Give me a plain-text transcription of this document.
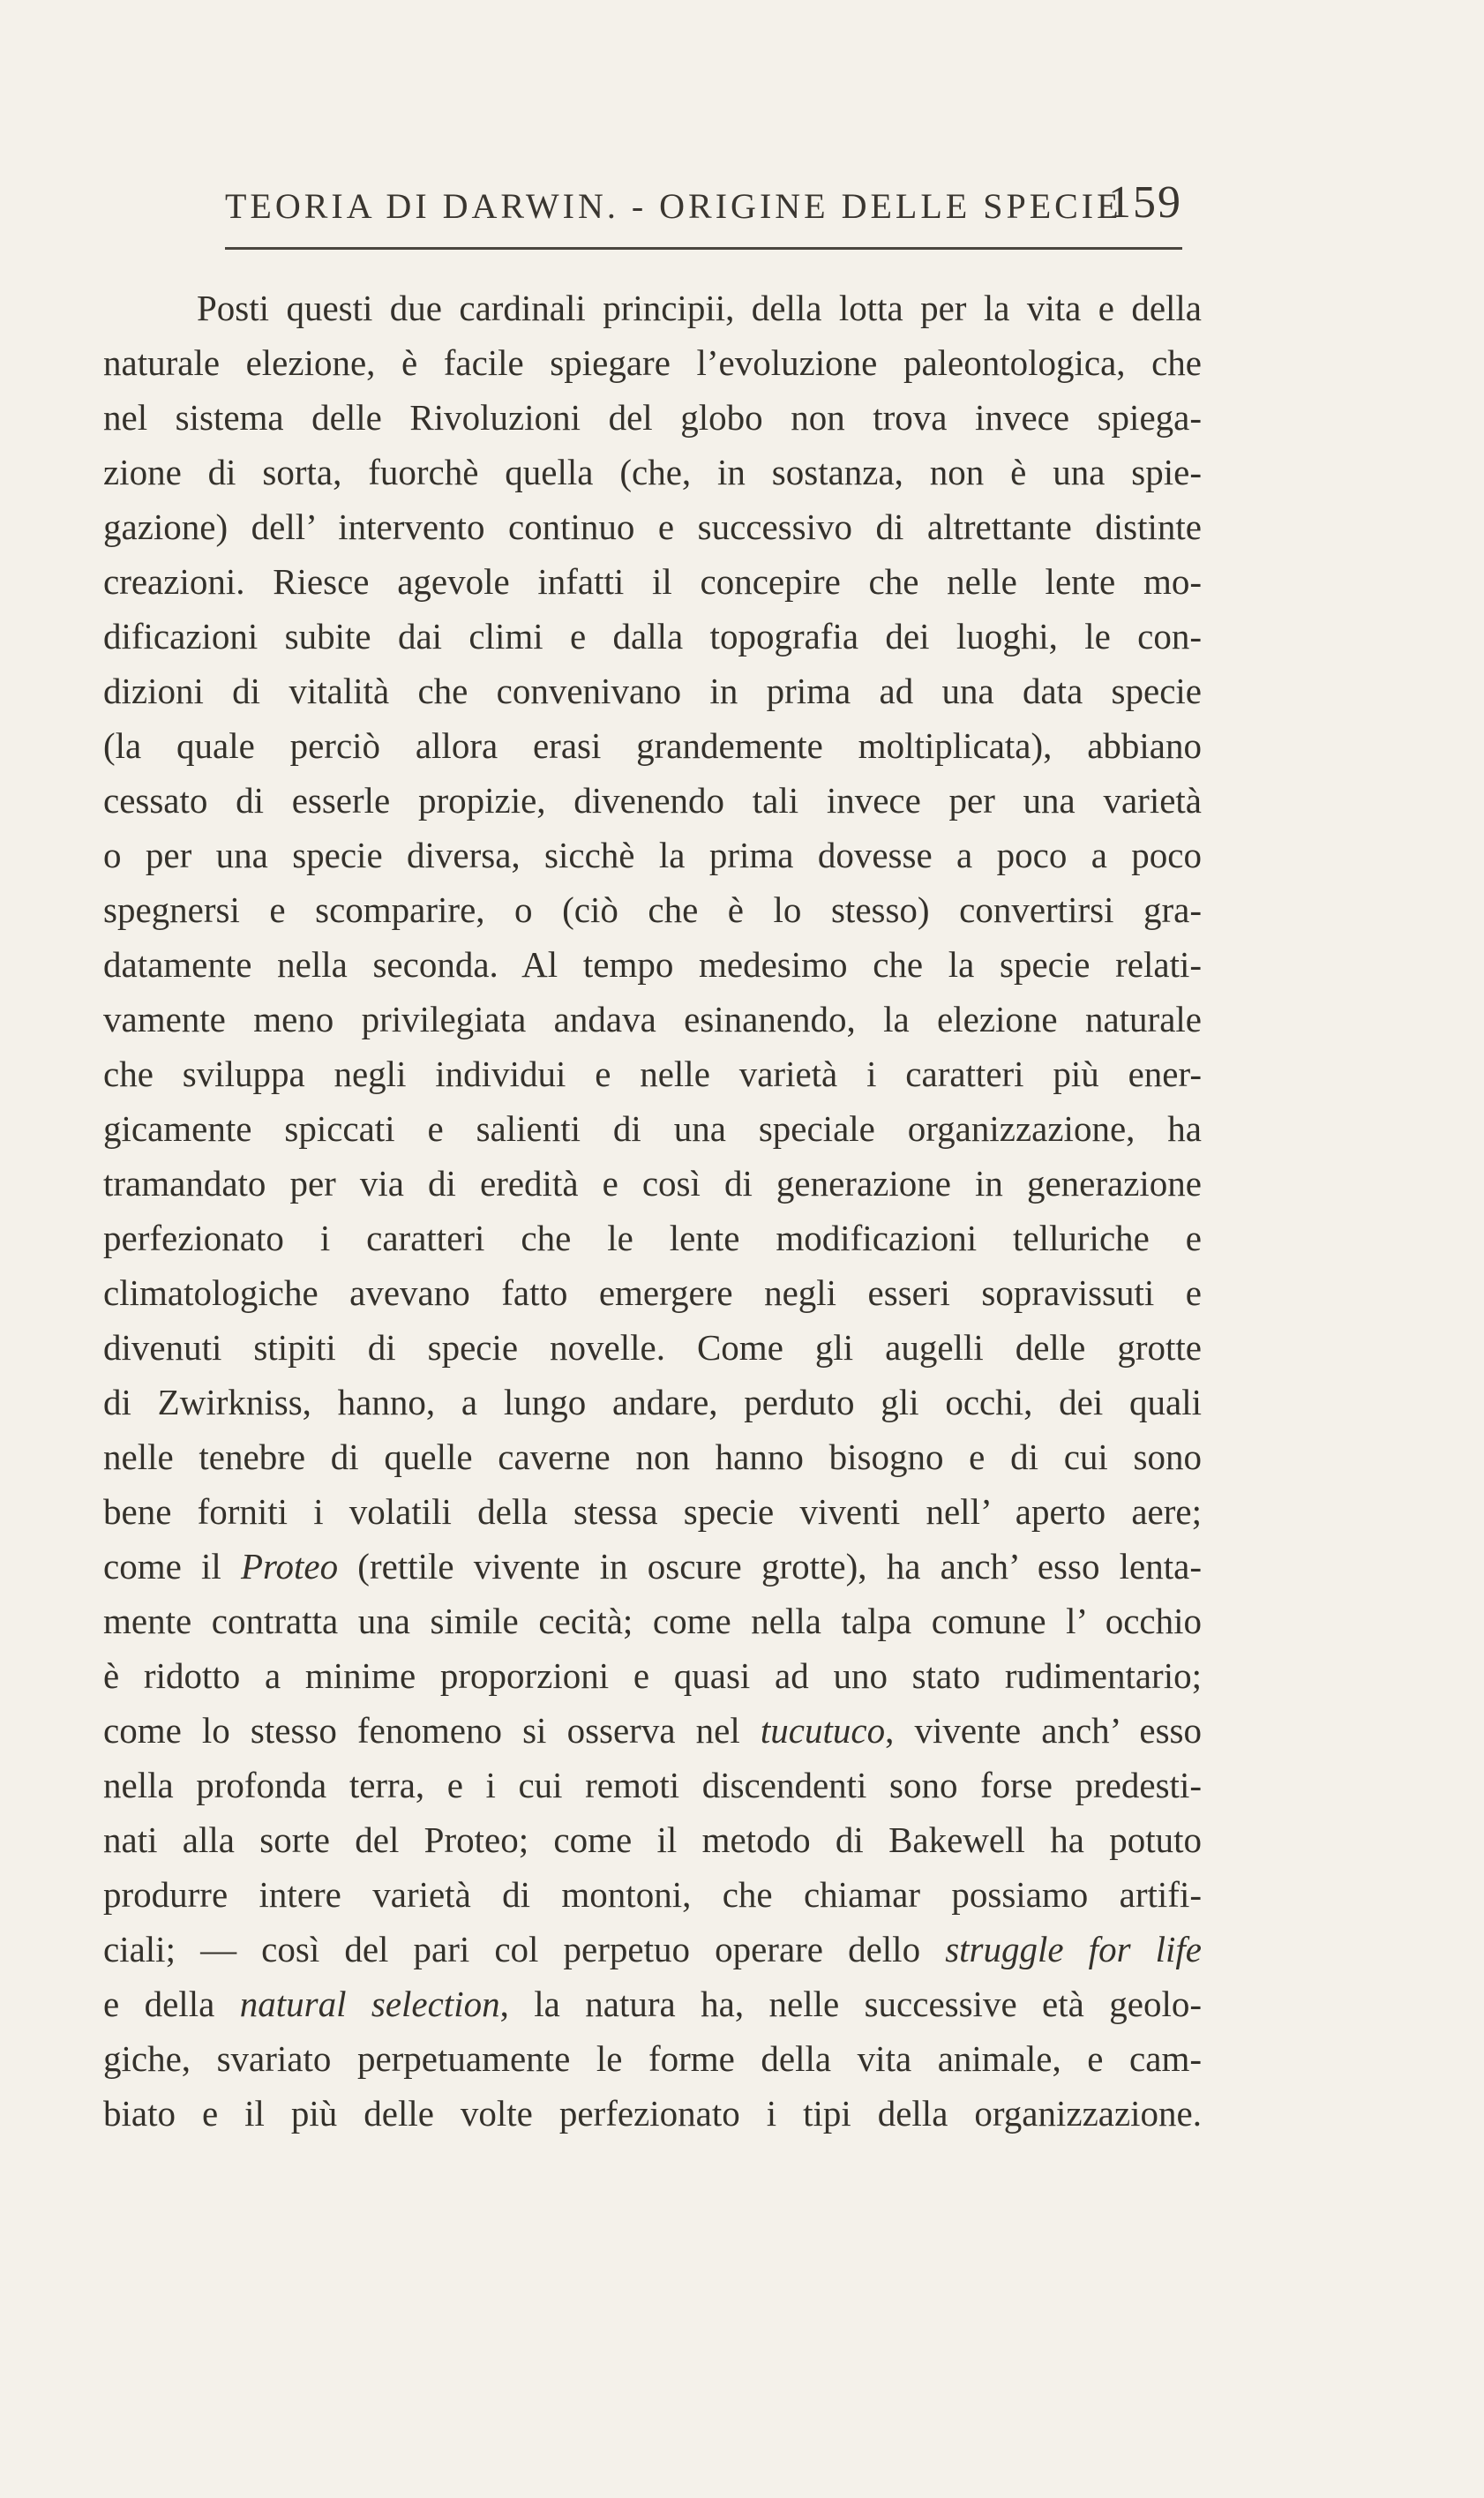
TEORIA DI DARWIN. - ORIGINE DELLE SPECIE
159
Posti questi due cardinali principii, della lotta per la vita e della
naturale elezione, è facile spiegare l’evoluzione paleontologica, che
nel sistema delle Rivoluzioni del globo non trova invece spiega-
zione di sorta, fuorchè quella (che, in sostanza, non è una spie-
gazione) dell’ intervento continuo e successivo di altrettante distinte
creazioni. Riesce agevole infatti il concepire che nelle lente mo-
dificazioni subite dai climi e dalla topografia dei luoghi, le con-
dizioni di vitalità che convenivano in prima ad una data specie
(la quale perciò allora erasi grandemente moltiplicata), abbiano
cessato di esserle propizie, divenendo tali invece per una varietà
o per una specie diversa, sicchè la prima dovesse a poco a poco
spegnersi e scomparire, o (ciò che è lo stesso) convertirsi gra-
datamente nella seconda. Al tempo medesimo che la specie relati-
vamente meno privilegiata andava esinanendo, la elezione naturale
che sviluppa negli individui e nelle varietà i caratteri più ener-
gicamente spiccati e salienti di una speciale organizzazione, ha
tramandato per via di eredità e così di generazione in generazione
perfezionato i caratteri che le lente modificazioni telluriche e
climatologiche avevano fatto emergere negli esseri sopravissuti e
divenuti stipiti di specie novelle. Come gli augelli delle grotte
di Zwirkniss, hanno, a lungo andare, perduto gli occhi, dei quali
nelle tenebre di quelle caverne non hanno bisogno e di cui sono
bene forniti i volatili della stessa specie viventi nell’ aperto aere;
come il Proteo (rettile vivente in oscure grotte), ha anch’ esso lenta-
mente contratta una simile cecità; come nella talpa comune l’ occhio
è ridotto a minime proporzioni e quasi ad uno stato rudimentario;
come lo stesso fenomeno si osserva nel tucutuco, vivente anch’ esso
nella profonda terra, e i cui remoti discendenti sono forse predesti-
nati alla sorte del Proteo; come il metodo di Bakewell ha potuto
produrre intere varietà di montoni, che chiamar possiamo artifi-
ciali; — così del pari col perpetuo operare dello struggle for life
e della natural selection, la natura ha, nelle successive età geolo-
giche, svariato perpetuamente le forme della vita animale, e cam-
biato e il più delle volte perfezionato i tipi della organizzazione.
